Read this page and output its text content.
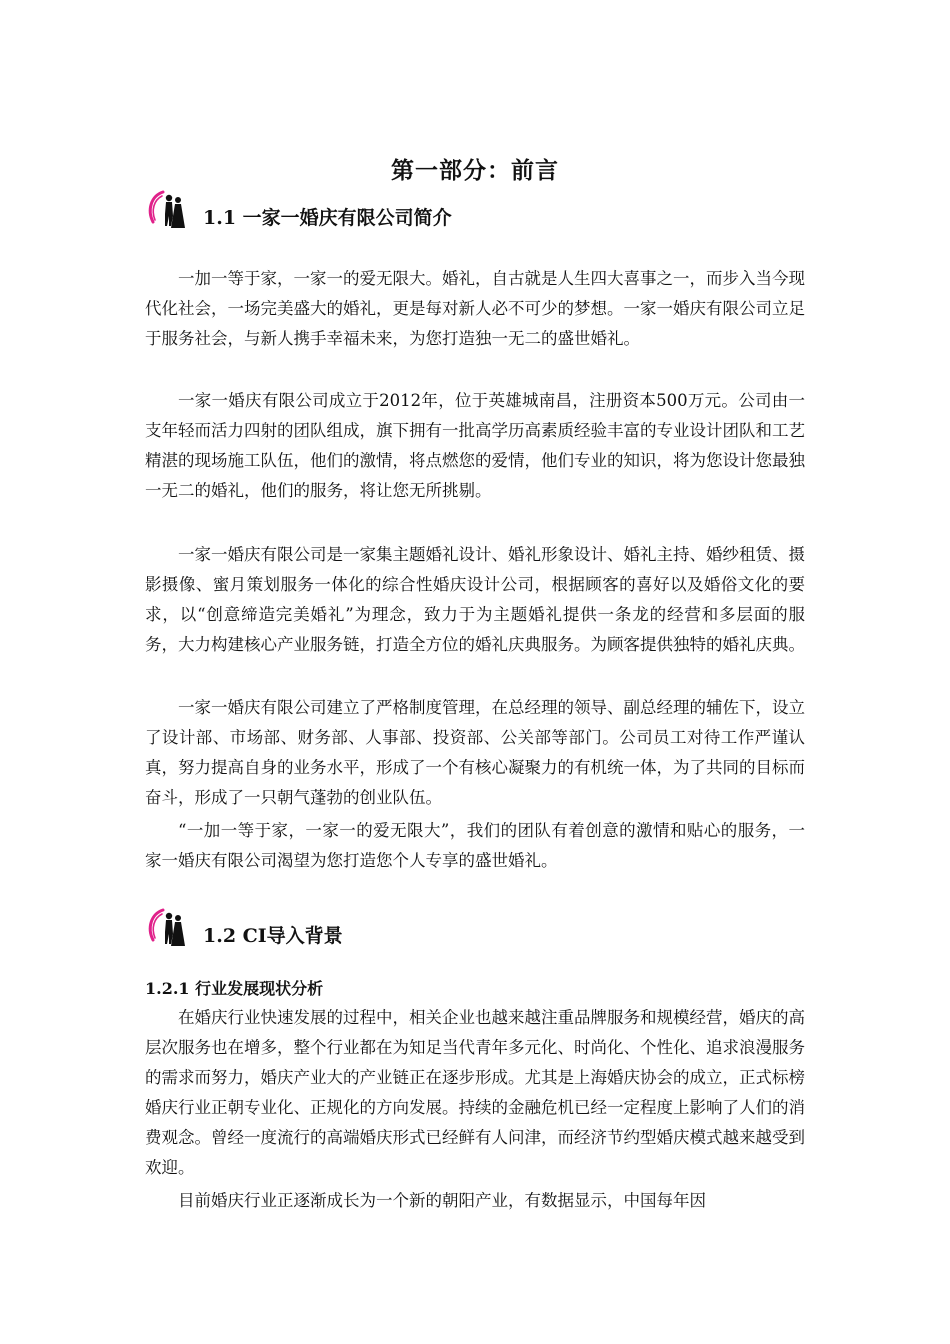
第一部分：前言
1.1 一家一婚庆有限公司简介

一加一等于家，一家一的爱无限大。婚礼，自古就是人生四大喜事之一，而步入当今现代化社会，一场完美盛大的婚礼，更是每对新人必不可少的梦想。一家一婚庆有限公司立足于服务社会，与新人携手幸福未来，为您打造独一无二的盛世婚礼。

一家一婚庆有限公司成立于2012年，位于英雄城南昌，注册资本500万元。公司由一支年轻而活力四射的团队组成，旗下拥有一批高学历高素质经验丰富的专业设计团队和工艺精湛的现场施工队伍，他们的激情，将点燃您的爱情，他们专业的知识，将为您设计您最独一无二的婚礼，他们的服务，将让您无所挑剔。

一家一婚庆有限公司是一家集主题婚礼设计、婚礼形象设计、婚礼主持、婚纱租赁、摄影摄像、蜜月策划服务一体化的综合性婚庆设计公司，根据顾客的喜好以及婚俗文化的要求，以“创意缔造完美婚礼”为理念，致力于为主题婚礼提供一条龙的经营和多层面的服务，大力构建核心产业服务链，打造全方位的婚礼庆典服务。为顾客提供独特的婚礼庆典。

一家一婚庆有限公司建立了严格制度管理，在总经理的领导、副总经理的辅佐下，设立了设计部、市场部、财务部、人事部、投资部、公关部等部门。公司员工对待工作严谨认真，努力提高自身的业务水平，形成了一个有核心凝聚力的有机统一体，为了共同的目标而奋斗，形成了一只朝气蓬勃的创业队伍。

“一加一等于家，一家一的爱无限大”，我们的团队有着创意的激情和贴心的服务，一家一婚庆有限公司渴望为您打造您个人专享的盛世婚礼。

1.2 CI导入背景
1.2.1 行业发展现状分析

在婚庆行业快速发展的过程中，相关企业也越来越注重品牌服务和规模经营，婚庆的高层次服务也在增多，整个行业都在为知足当代青年多元化、时尚化、个性化、追求浪漫服务的需求而努力，婚庆产业大的产业链正在逐步形成。尤其是上海婚庆协会的成立，正式标榜婚庆行业正朝专业化、正规化的方向发展。持续的金融危机已经一定程度上影响了人们的消费观念。曾经一度流行的高端婚庆形式已经鲜有人问津，而经济节约型婚庆模式越来越受到欢迎。

目前婚庆行业正逐渐成长为一个新的朝阳产业，有数据显示，中国每年因
